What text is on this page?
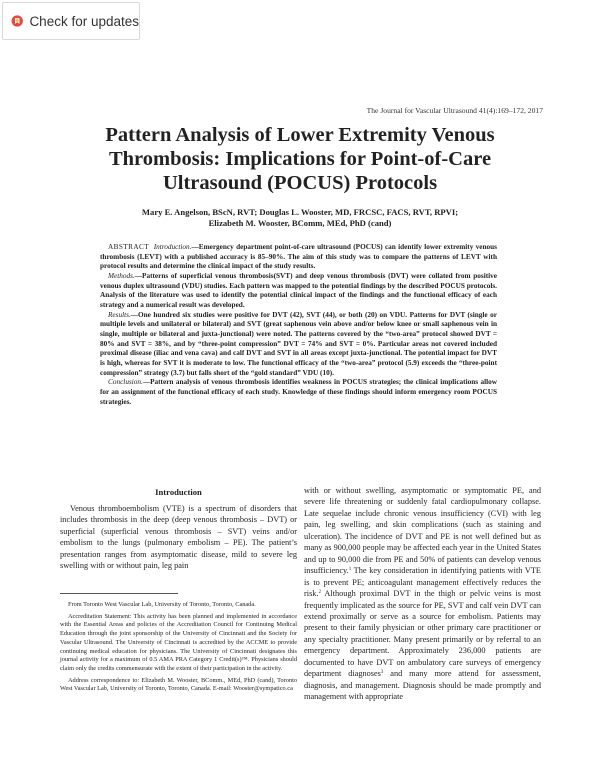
Check for updates
The Journal for Vascular Ultrasound 41(4):169–172, 2017
Pattern Analysis of Lower Extremity Venous
Thrombosis: Implications for Point-of-Care
Ultrasound (POCUS) Protocols
Mary E. Angelson, BScN, RVT; Douglas L. Wooster, MD, FRCSC, FACS, RVT, RPVI;
Elizabeth M. Wooster, BComm, MEd, PhD (cand)

ABSTRACT Introduction.—Emergency department point-of-care ultrasound (POCUS) can identify lower extremity venous thrombosis (LEVT) with a published accuracy is 85–90%. The aim of this study was to compare the patterns of LEVT with protocol results and determine the clinical impact of the study results.

Methods.—Patterns of superficial venous thrombosis(SVT) and deep venous thrombosis (DVT) were collated from positive venous duplex ultrasound (VDU) studies. Each pattern was mapped to the potential findings by the described POCUS protocols. Analysis of the literature was used to identify the potential clinical impact of the findings and the functional efficacy of each strategy and a numerical result was developed.

Results.—One hundred six studies were positive for DVT (42), SVT (44), or both (20) on VDU. Patterns for DVT (single or multiple levels and unilateral or bilateral) and SVT (great saphenous vein above and/or below knee or small saphenous vein in single, multiple or bilateral and juxta-junctional) were noted. The patterns covered by the “two-area” protocol showed DVT = 80% and SVT = 38%, and by “three-point compression” DVT = 74% and SVT = 0%. Particular areas not covered included proximal disease (iliac and vena cava) and calf DVT and SVT in all areas except juxta-junctional. The potential impact for DVT is high, whereas for SVT it is moderate to low. The functional efficacy of the “two-area” protocol (5.9) exceeds the “three-point compression” strategy (3.7) but falls short of the “gold standard” VDU (10).

Conclusion.—Pattern analysis of venous thrombosis identifies weakness in POCUS strategies; the clinical implications allow for an assignment of the functional efficacy of each study. Knowledge of these findings should inform emergency room POCUS strategies.

Introduction

Venous thromboembolism (VTE) is a spectrum of disorders that includes thrombosis in the deep (deep venous thrombosis – DVT) or superficial (superficial venous thrombosis – SVT) veins and/or embolism to the lungs (pulmonary embolism – PE). The patient’s presentation ranges from asymptomatic disease, mild to severe leg swelling with or without pain, leg pain

From Toronto West Vascular Lab, University of Toronto, Toronto, Canada.

Accreditation Statement: This activity has been planned and implemented in accordance with the Essential Areas and policies of the Accreditation Council for Continuing Medical Education through the joint sponsorship of the University of Cincinnati and the Society for Vascular Ultrasound. The University of Cincinnati is accredited by the ACCME to provide continuing medical education for physicians. The University of Cincinnati designates this journal activity for a maximum of 0.5 AMA PRA Category 1 Credit(s)™. Physicians should claim only the credits commensurate with the extent of their participation in the activity.

Address correspondence to: Elizabeth M. Wooster, BComm., MEd, PhD (cand), Toronto West Vascular Lab, University of Toronto, Toronto, Canada. E-mail: Wooster@sympatico.ca

with or without swelling, asymptomatic or symptomatic PE, and severe life threatening or suddenly fatal cardiopulmonary collapse. Late sequelae include chronic venous insufficiency (CVI) with leg pain, leg swelling, and skin complications (such as staining and ulceration). The incidence of DVT and PE is not well defined but as many as 900,000 people may be affected each year in the United States and up to 90,000 die from PE and 50% of patients can develop venous insufficiency.$^1$ The key consideration in identifying patients with VTE is to prevent PE; anticoagulant management effectively reduces the risk.$^2$ Although proximal DVT in the thigh or pelvic veins is most frequently implicated as the source for PE, SVT and calf vein DVT can extend proximally or serve as a source for embolism. Patients may present to their family physician or other primary care practitioner or any specialty practitioner. Many present primarily or by referral to an emergency department. Approximately 236,000 patients are documented to have DVT on ambulatory care surveys of emergency department diagnoses$^3$ and many more attend for assessment, diagnosis, and management. Diagnosis should be made promptly and management with appropriate
